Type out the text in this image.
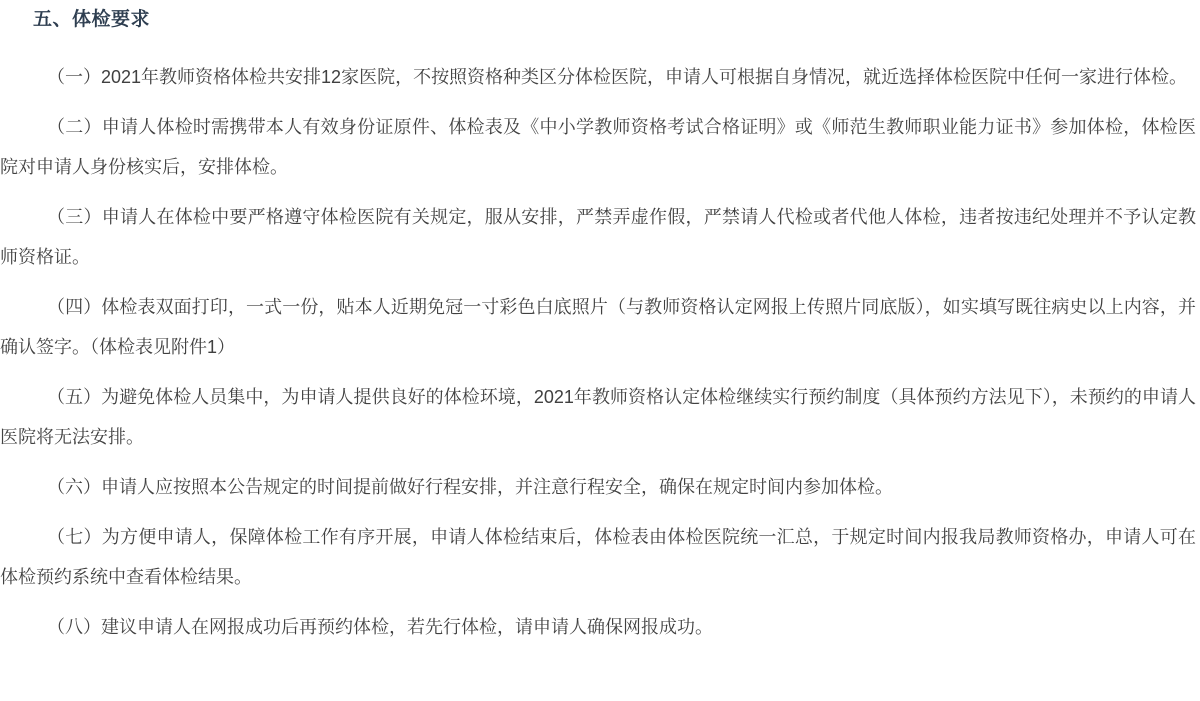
五、体检要求

（一）2021年教师资格体检共安排12家医院，不按照资格种类区分体检医院，申请人可根据自身情况，就近选择体检医院中任何一家进行体检。

（二）申请人体检时需携带本人有效身份证原件、体检表及《中小学教师资格考试合格证明》或《师范生教师职业能力证书》参加体检，体检医院对申请人身份核实后，安排体检。

（三）申请人在体检中要严格遵守体检医院有关规定，服从安排，严禁弄虚作假，严禁请人代检或者代他人体检，违者按违纪处理并不予认定教师资格证。

（四）体检表双面打印，一式一份，贴本人近期免冠一寸彩色白底照片（与教师资格认定网报上传照片同底版），如实填写既往病史以上内容，并确认签字。（体检表见附件1）

（五）为避免体检人员集中，为申请人提供良好的体检环境，2021年教师资格认定体检继续实行预约制度（具体预约方法见下），未预约的申请人医院将无法安排。

（六）申请人应按照本公告规定的时间提前做好行程安排，并注意行程安全，确保在规定时间内参加体检。

（七）为方便申请人，保障体检工作有序开展，申请人体检结束后，体检表由体检医院统一汇总，于规定时间内报我局教师资格办，申请人可在体检预约系统中查看体检结果。

（八）建议申请人在网报成功后再预约体检，若先行体检，请申请人确保网报成功。
